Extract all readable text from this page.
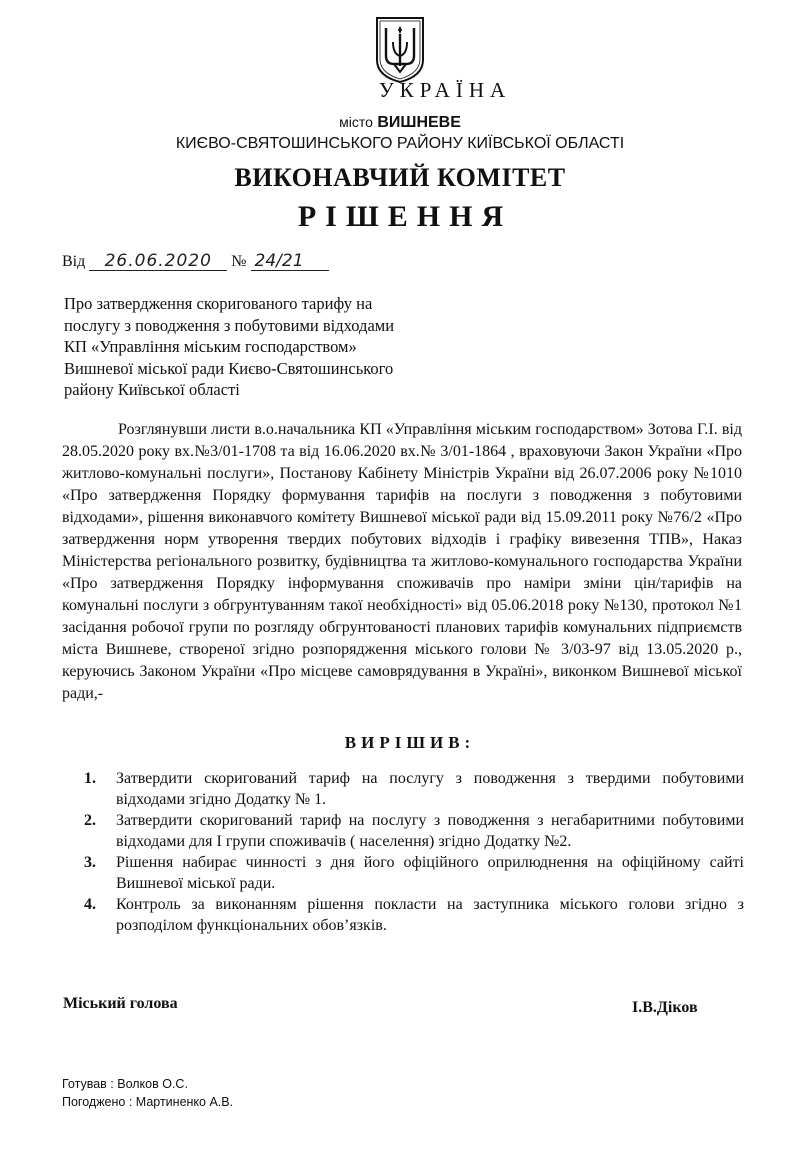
УКРАЇНА
місто ВИШНЕВЕ
КИЄВО-СВЯТОШИНСЬКОГО РАЙОНУ КИЇВСЬКОЇ ОБЛАСТІ
ВИКОНАВЧИЙ КОМІТЕТ
РІШЕННЯ
Від 26.06.2020 № 24/21
Про затвердження скоригованого тарифу на
послугу з поводження з побутовими відходами
КП «Управління міським господарством»
Вишневої міської ради Києво-Святошинського
району Київської області
Розглянувши листи в.о.начальника КП «Управління міським господарством» Зотова Г.І. від 28.05.2020 року вх.№3/01-1708 та від 16.06.2020 вх.№ 3/01-1864 , враховуючи Закон України «Про житлово-комунальні послуги», Постанову Кабінету Міністрів України від 26.07.2006 року №1010 «Про затвердження Порядку формування тарифів на послуги з поводження з побутовими відходами», рішення виконавчого комітету Вишневої міської ради від 15.09.2011 року №76/2 «Про затвердження норм утворення твердих побутових відходів і графіку вивезення ТПВ», Наказ Міністерства регіонального розвитку, будівництва та житлово-комунального господарства України «Про затвердження Порядку інформування споживачів про наміри зміни цін/тарифів на комунальні послуги з обгрунтуванням такої необхідності» від 05.06.2018 року №130, протокол №1 засідання робочої групи по розгляду обгрунтованості планових тарифів комунальних підприємств міста Вишневе, створеної згідно розпорядження міського голови № 3/03-97 від 13.05.2020 р., керуючись Законом України «Про місцеве самоврядування в Україні», виконком Вишневої міської ради,-
ВИРІШИВ:
1.	Затвердити скоригований тариф на послугу з поводження з твердими побутовими відходами згідно Додатку № 1.
2.	Затвердити скоригований тариф на послугу з поводження з негабаритними побутовими відходами для І групи споживачів ( населення) згідно Додатку №2.
3.	Рішення набирає чинності з дня його офіційного оприлюднення на офіційному сайті Вишневої міської ради.
4.	Контроль за виконанням рішення покласти на заступника міського голови згідно з розподілом функціональних обов’язків.
Міський голова	І.В.Діков
Готував : Волков О.С.
Погоджено : Мартиненко А.В.
